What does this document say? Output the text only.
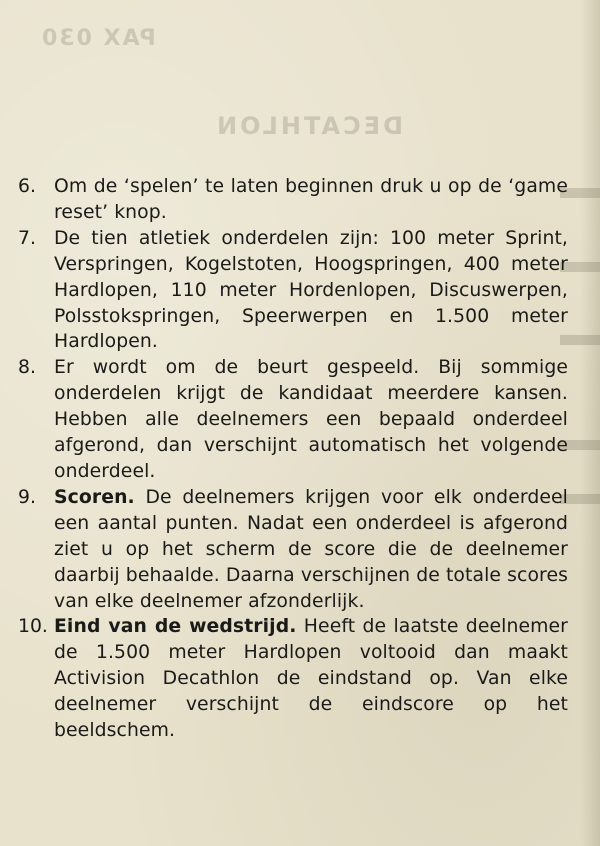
PAX 030
DECATHLON
6. Om de ‘spelen’ te laten beginnen druk u op de ‘game reset’ knop.
7. De tien atletiek onderdelen zijn: 100 meter Sprint, Verspringen, Kogelstoten, Hoogspringen, 400 meter Hardlopen, 110 meter Hordenlopen, Discuswerpen, Polsstokspringen, Speerwerpen en 1.500 meter Hardlopen.
8. Er wordt om de beurt gespeeld. Bij sommige onderdelen krijgt de kandidaat meerdere kansen. Hebben alle deelnemers een bepaald onderdeel afgerond, dan verschijnt automatisch het volgende onderdeel.
9. Scoren. De deelnemers krijgen voor elk onderdeel een aantal punten. Nadat een onderdeel is afgerond ziet u op het scherm de score die de deelnemer daarbij behaalde. Daarna verschijnen de totale scores van elke deelnemer afzonderlijk.
10. Eind van de wedstrijd. Heeft de laatste deelnemer de 1.500 meter Hardlopen voltooid dan maakt Activision Decathlon de eindstand op. Van elke deelnemer verschijnt de eindscore op het beeldschem.
